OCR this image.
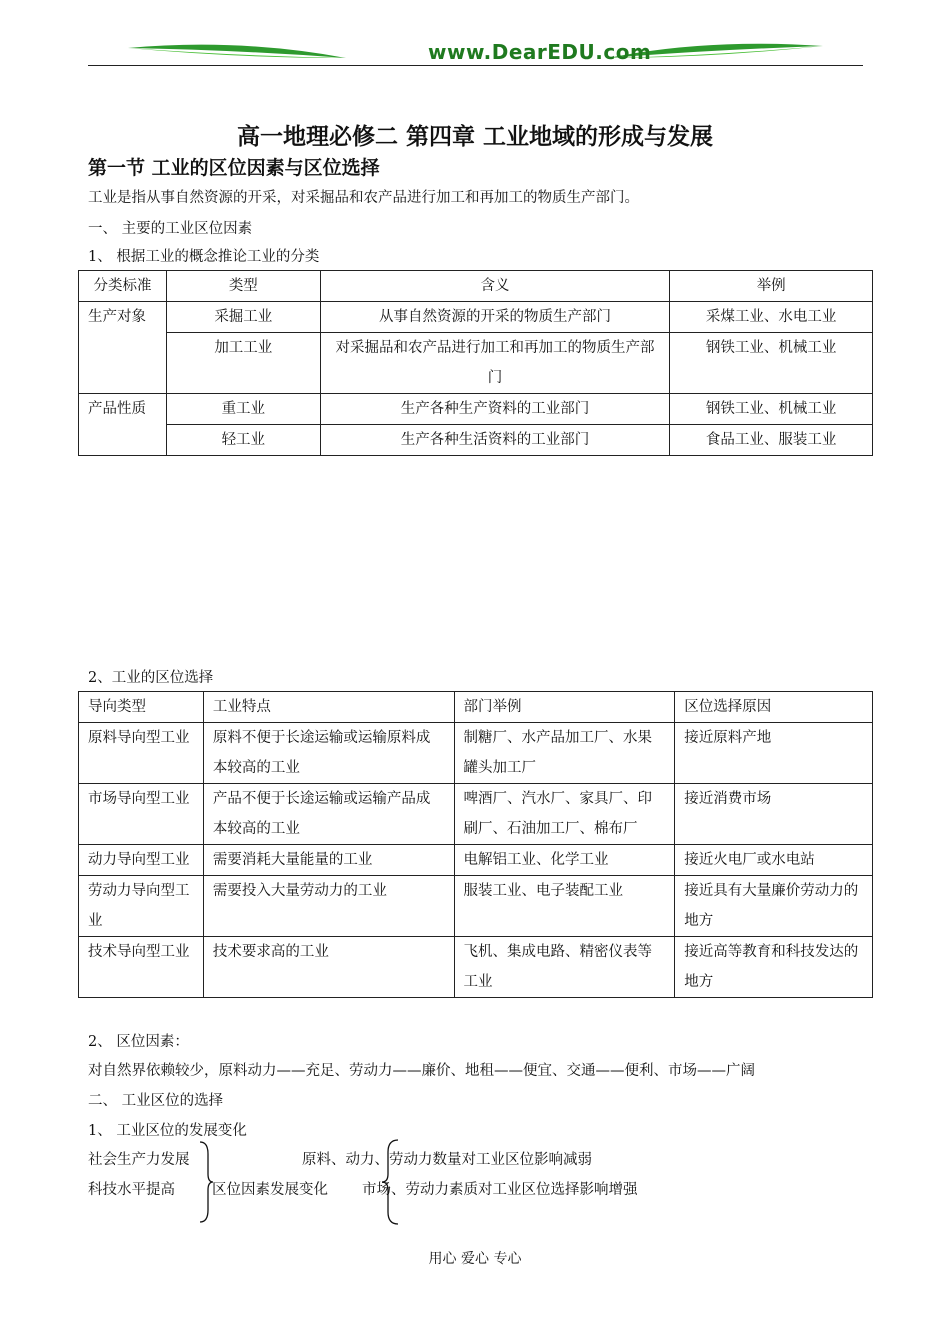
www.DearEDU.com
高一地理必修二 第四章 工业地域的形成与发展
第一节 工业的区位因素与区位选择
工业是指从事自然资源的开采，对采掘品和农产品进行加工和再加工的物质生产部门。
一、 主要的工业区位因素
1、 根据工业的概念推论工业的分类
分类标准	类型	含义	举例
生产对象	采掘工业	从事自然资源的开采的物质生产部门	采煤工业、水电工业
	加工工业	对采掘品和农产品进行加工和再加工的物质生产部门	钢铁工业、机械工业
产品性质	重工业	生产各种生产资料的工业部门	钢铁工业、机械工业
	轻工业	生产各种生活资料的工业部门	食品工业、服装工业
2、工业的区位选择
导向类型	工业特点	部门举例	区位选择原因
原料导向型工业	原料不便于长途运输或运输原料成本较高的工业	制糖厂、水产品加工厂、水果罐头加工厂	接近原料产地
市场导向型工业	产品不便于长途运输或运输产品成本较高的工业	啤酒厂、汽水厂、家具厂、印刷厂、石油加工厂、棉布厂	接近消费市场
动力导向型工业	需要消耗大量能量的工业	电解铝工业、化学工业	接近火电厂或水电站
劳动力导向型工业	需要投入大量劳动力的工业	服装工业、电子装配工业	接近具有大量廉价劳动力的地方
技术导向型工业	技术要求高的工业	飞机、集成电路、精密仪表等工业	接近高等教育和科技发达的地方
2、 区位因素：
对自然界依赖较少，原料动力——充足、劳动力——廉价、地租——便宜、交通——便利、市场——广阔
二、 工业区位的选择
1、 工业区位的发展变化
社会生产力发展
科技水平提高	区位因素发展变化
原料、动力、劳动力数量对工业区位影响减弱
市场、劳动力素质对工业区位选择影响增强
用心 爱心 专心
